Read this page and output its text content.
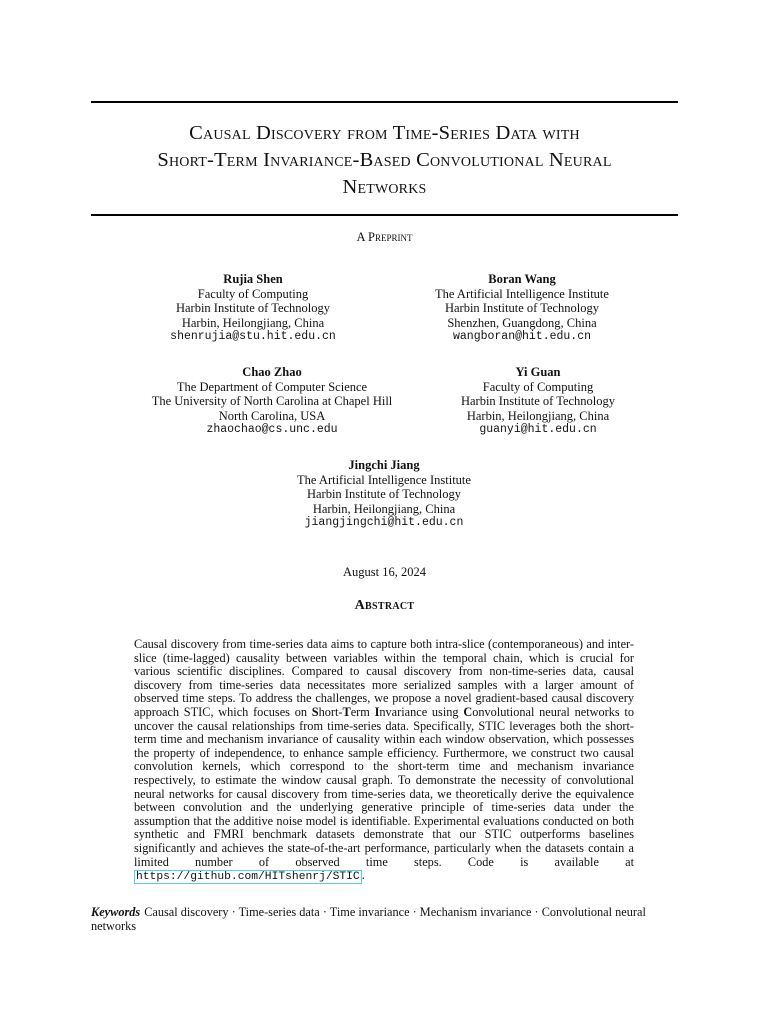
Causal Discovery from Time-Series Data with
Short-Term Invariance-Based Convolutional Neural
Networks
A Preprint
Rujia Shen
Faculty of Computing
Harbin Institute of Technology
Harbin, Heilongjiang, China
shenrujia@stu.hit.edu.cn
Boran Wang
The Artificial Intelligence Institute
Harbin Institute of Technology
Shenzhen, Guangdong, China
wangboran@hit.edu.cn
Chao Zhao
The Department of Computer Science
The University of North Carolina at Chapel Hill
North Carolina, USA
zhaochao@cs.unc.edu
Yi Guan
Faculty of Computing
Harbin Institute of Technology
Harbin, Heilongjiang, China
guanyi@hit.edu.cn
Jingchi Jiang
The Artificial Intelligence Institute
Harbin Institute of Technology
Harbin, Heilongjiang, China
jiangjingchi@hit.edu.cn
August 16, 2024
Abstract

Causal discovery from time-series data aims to capture both intra-slice (contemporaneous) and inter-slice (time-lagged) causality between variables within the temporal chain, which is crucial for various scientific disciplines. Compared to causal discovery from non-time-series data, causal discovery from time-series data necessitates more serialized samples with a larger amount of observed time steps. To address the challenges, we propose a novel gradient-based causal discovery approach STIC, which focuses on Short-Term Invariance using Convolutional neural networks to uncover the causal relationships from time-series data. Specifically, STIC leverages both the short-term time and mechanism invariance of causality within each window observation, which possesses the property of independence, to enhance sample efficiency. Furthermore, we construct two causal convolution kernels, which correspond to the short-term time and mechanism invariance respectively, to estimate the window causal graph. To demonstrate the necessity of convolutional neural networks for causal discovery from time-series data, we theoretically derive the equivalence between convolution and the underlying generative principle of time-series data under the assumption that the additive noise model is identifiable. Experimental evaluations conducted on both synthetic and FMRI benchmark datasets demonstrate that our STIC outperforms baselines significantly and achieves the state-of-the-art performance, particularly when the datasets contain a limited number of observed time steps. Code is available at https://github.com/HITshenrj/STIC .

Keywords Causal discovery · Time-series data · Time invariance · Mechanism invariance · Convolutional neural networks
